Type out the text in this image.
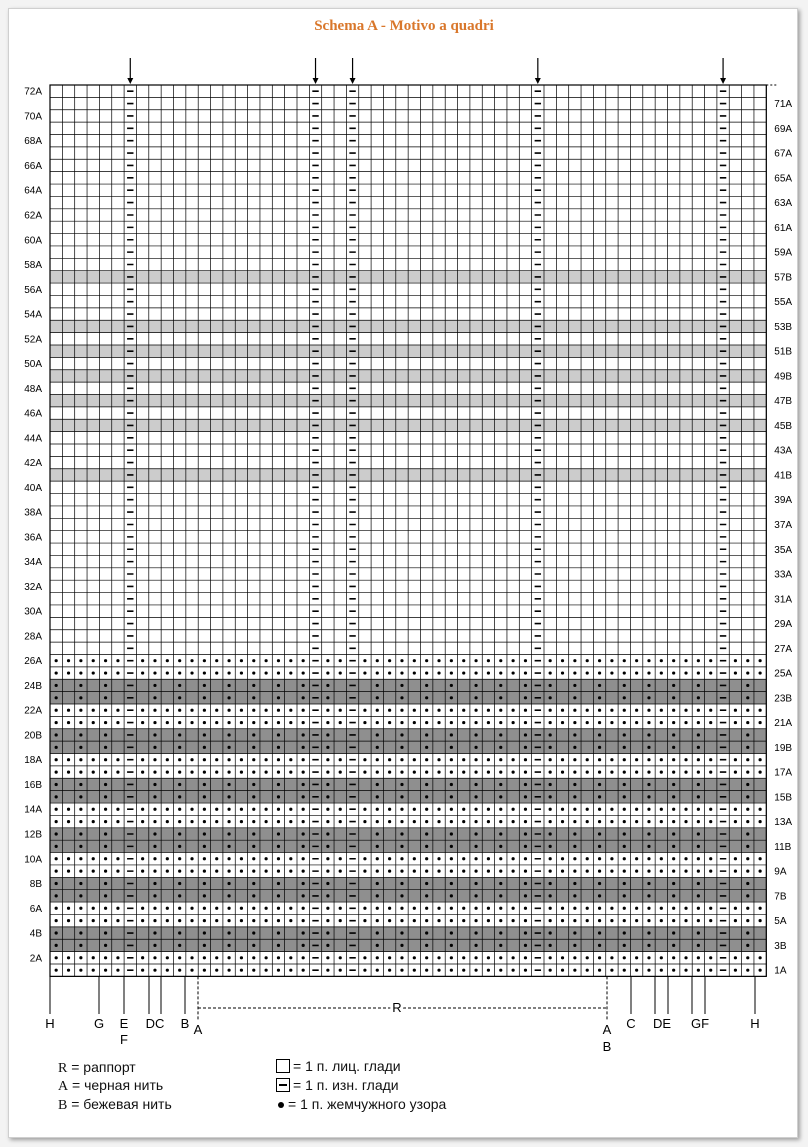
Schema A - Motivo a quadri
2A
4B
6A
8B
10A
12B
14A
16B
18A
20B
22A
24B
26A
28A
30A
32A
34A
36A
38A
40A
42A
44A
46A
48A
50A
52A
54A
56A
58A
60A
62A
64A
66A
68A
70A
72A
1A
3B
5A
7B
9A
11B
13A
15B
17A
19B
21A
23B
25A
27A
29A
31A
33A
35A
37A
39A
41B
43A
45B
47B
49B
51B
53B
55A
57B
59A
61A
63A
65A
67A
69A
71A
R
H	G E
F
DC B A	A
B
C DE GF	H
R = раппорт
A = черная нить
B = бежевая нить
= 1 п. лиц. глади
= 1 п. изн. глади
= 1 п. жемчужного узора
